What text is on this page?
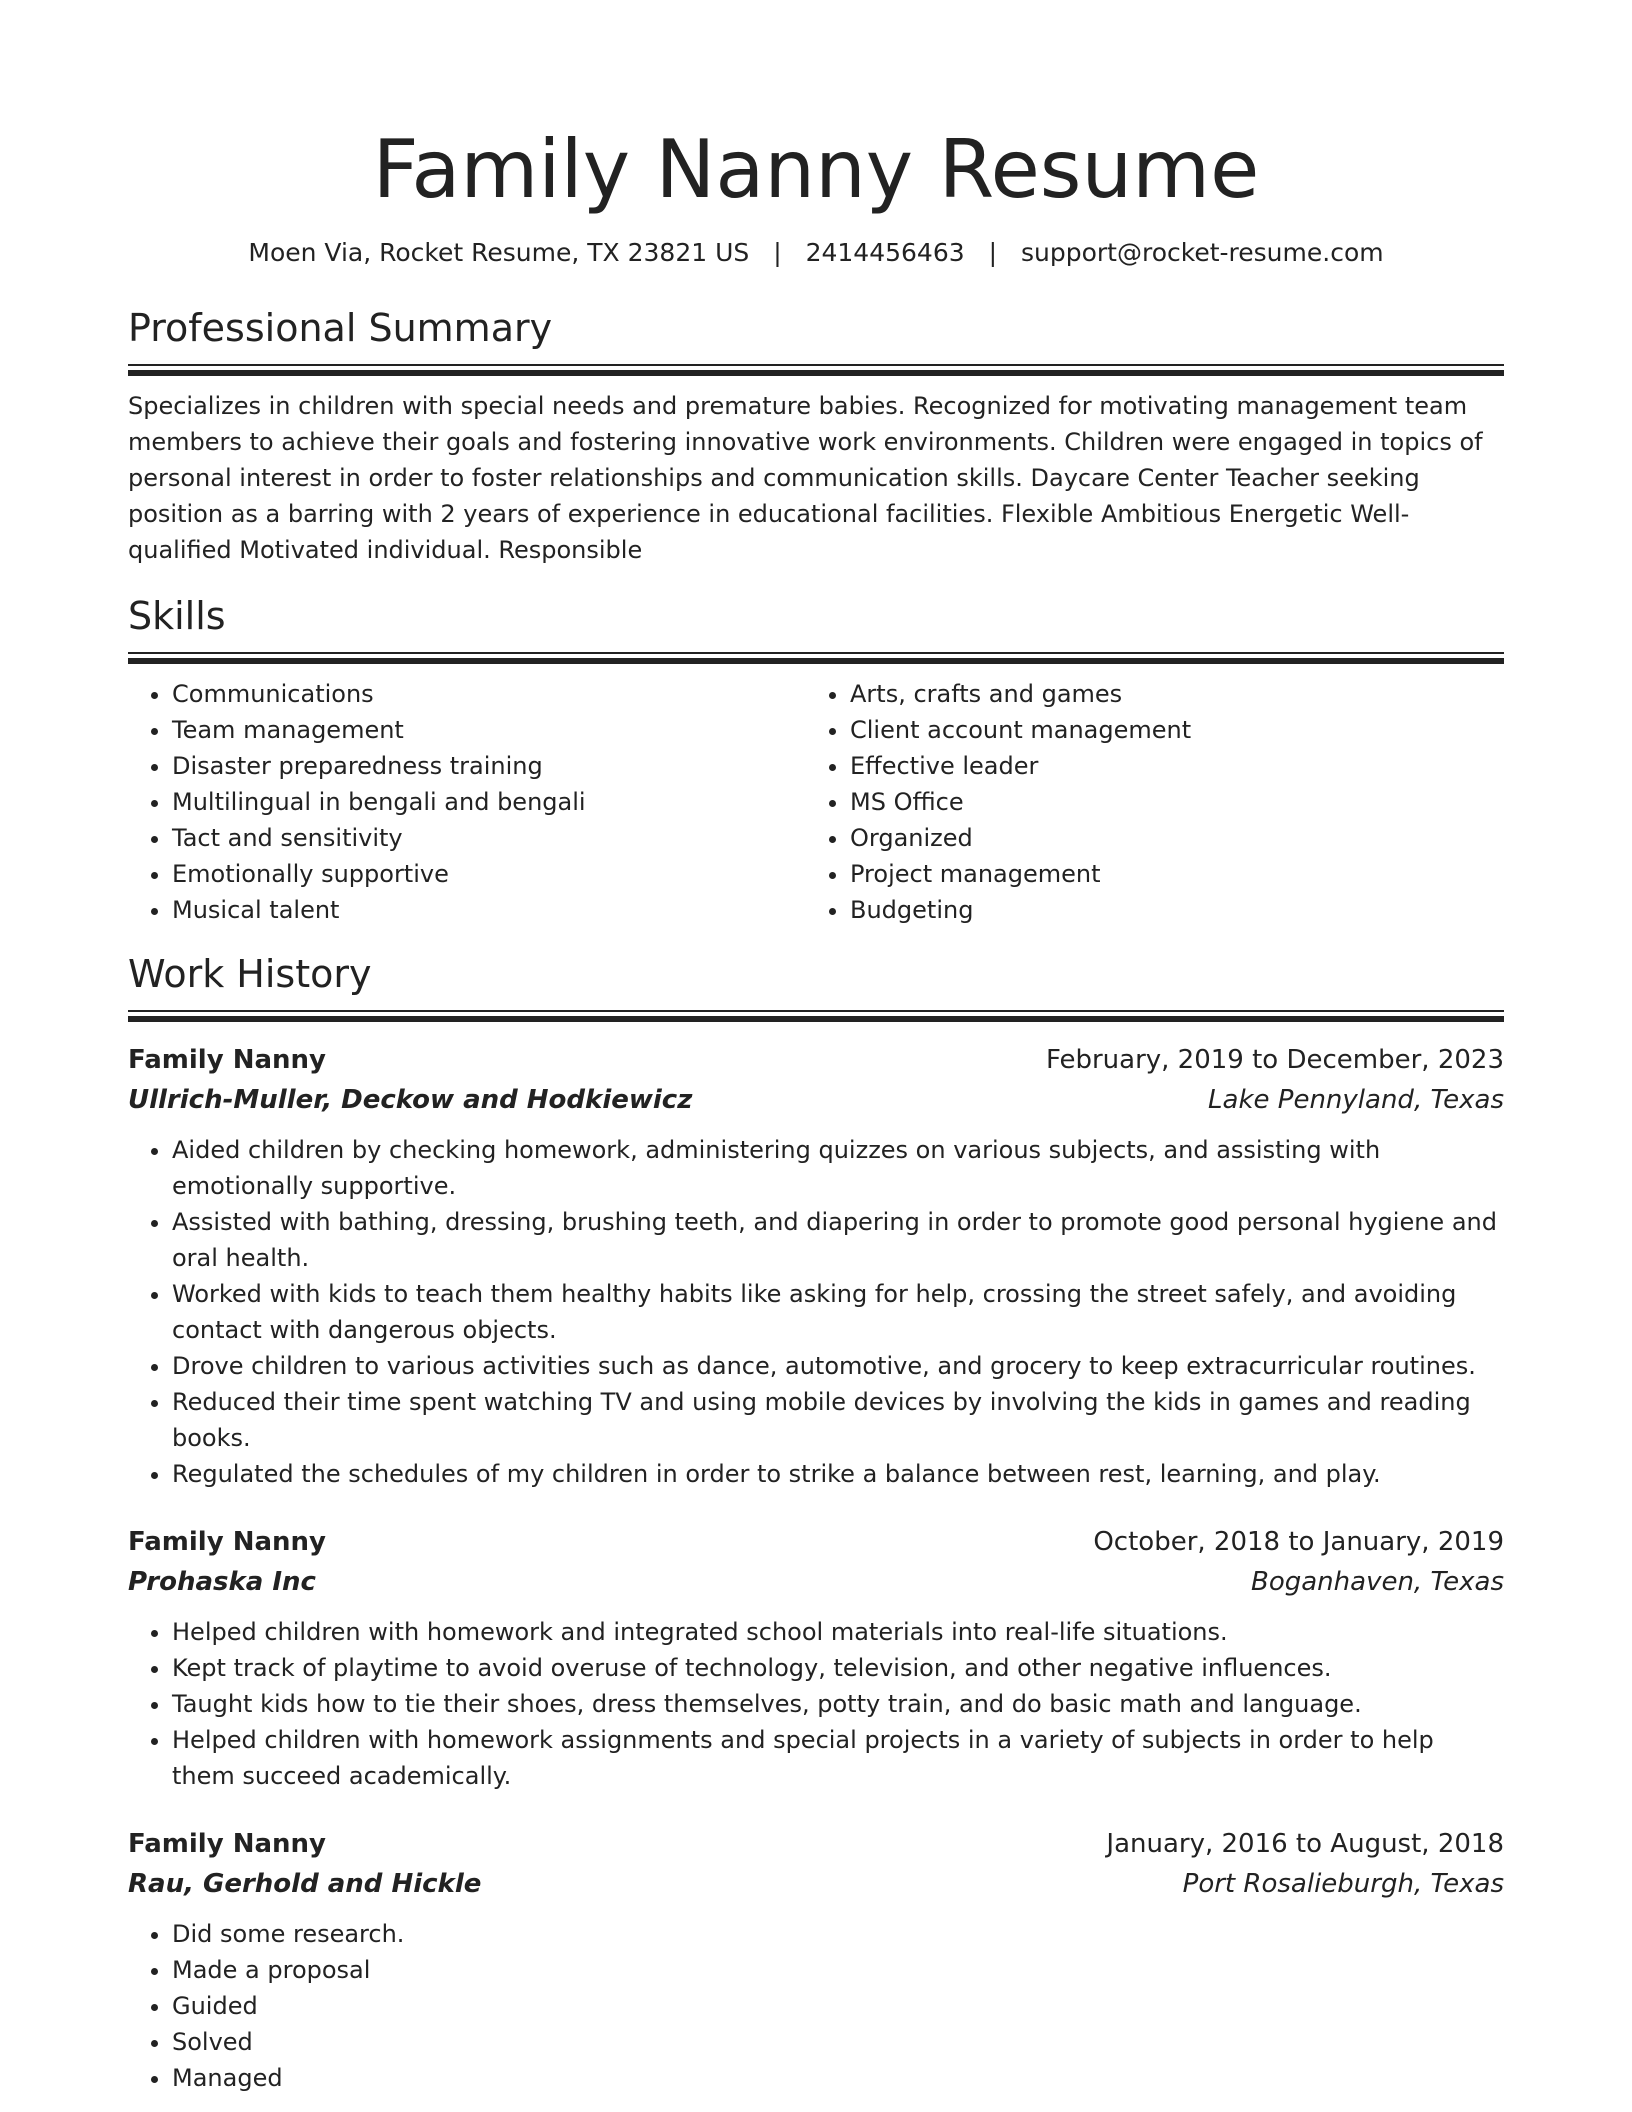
Family Nanny Resume
Moen Via, Rocket Resume, TX 23821 US | 2414456463 | support@rocket-resume.com
Professional Summary

Specializes in children with special needs and premature babies. Recognized for motivating management team members to achieve their goals and fostering innovative work environments. Children were engaged in topics of personal interest in order to foster relationships and communication skills. Daycare Center Teacher seeking position as a barring with 2 years of experience in educational facilities. Flexible Ambitious Energetic Well-qualified Motivated individual. Responsible

Skills
• Communications
• Team management
• Disaster preparedness training
• Multilingual in bengali and bengali
• Tact and sensitivity
• Emotionally supportive
• Musical talent
• Arts, crafts and games
• Client account management
• Effective leader
• MS Office
• Organized
• Project management
• Budgeting
Work History
Family Nanny	February, 2019 to December, 2023
Ullrich-Muller, Deckow and Hodkiewicz	Lake Pennyland, Texas
• Aided children by checking homework, administering quizzes on various subjects, and assisting with emotionally supportive.
• Assisted with bathing, dressing, brushing teeth, and diapering in order to promote good personal hygiene and oral health.
• Worked with kids to teach them healthy habits like asking for help, crossing the street safely, and avoiding contact with dangerous objects.
• Drove children to various activities such as dance, automotive, and grocery to keep extracurricular routines.
• Reduced their time spent watching TV and using mobile devices by involving the kids in games and reading books.
• Regulated the schedules of my children in order to strike a balance between rest, learning, and play.
Family Nanny	October, 2018 to January, 2019
Prohaska Inc	Boganhaven, Texas
• Helped children with homework and integrated school materials into real-life situations.
• Kept track of playtime to avoid overuse of technology, television, and other negative influences.
• Taught kids how to tie their shoes, dress themselves, potty train, and do basic math and language.
• Helped children with homework assignments and special projects in a variety of subjects in order to help them succeed academically.
Family Nanny	January, 2016 to August, 2018
Rau, Gerhold and Hickle	Port Rosalieburgh, Texas
• Did some research.
• Made a proposal
• Guided
• Solved
• Managed
